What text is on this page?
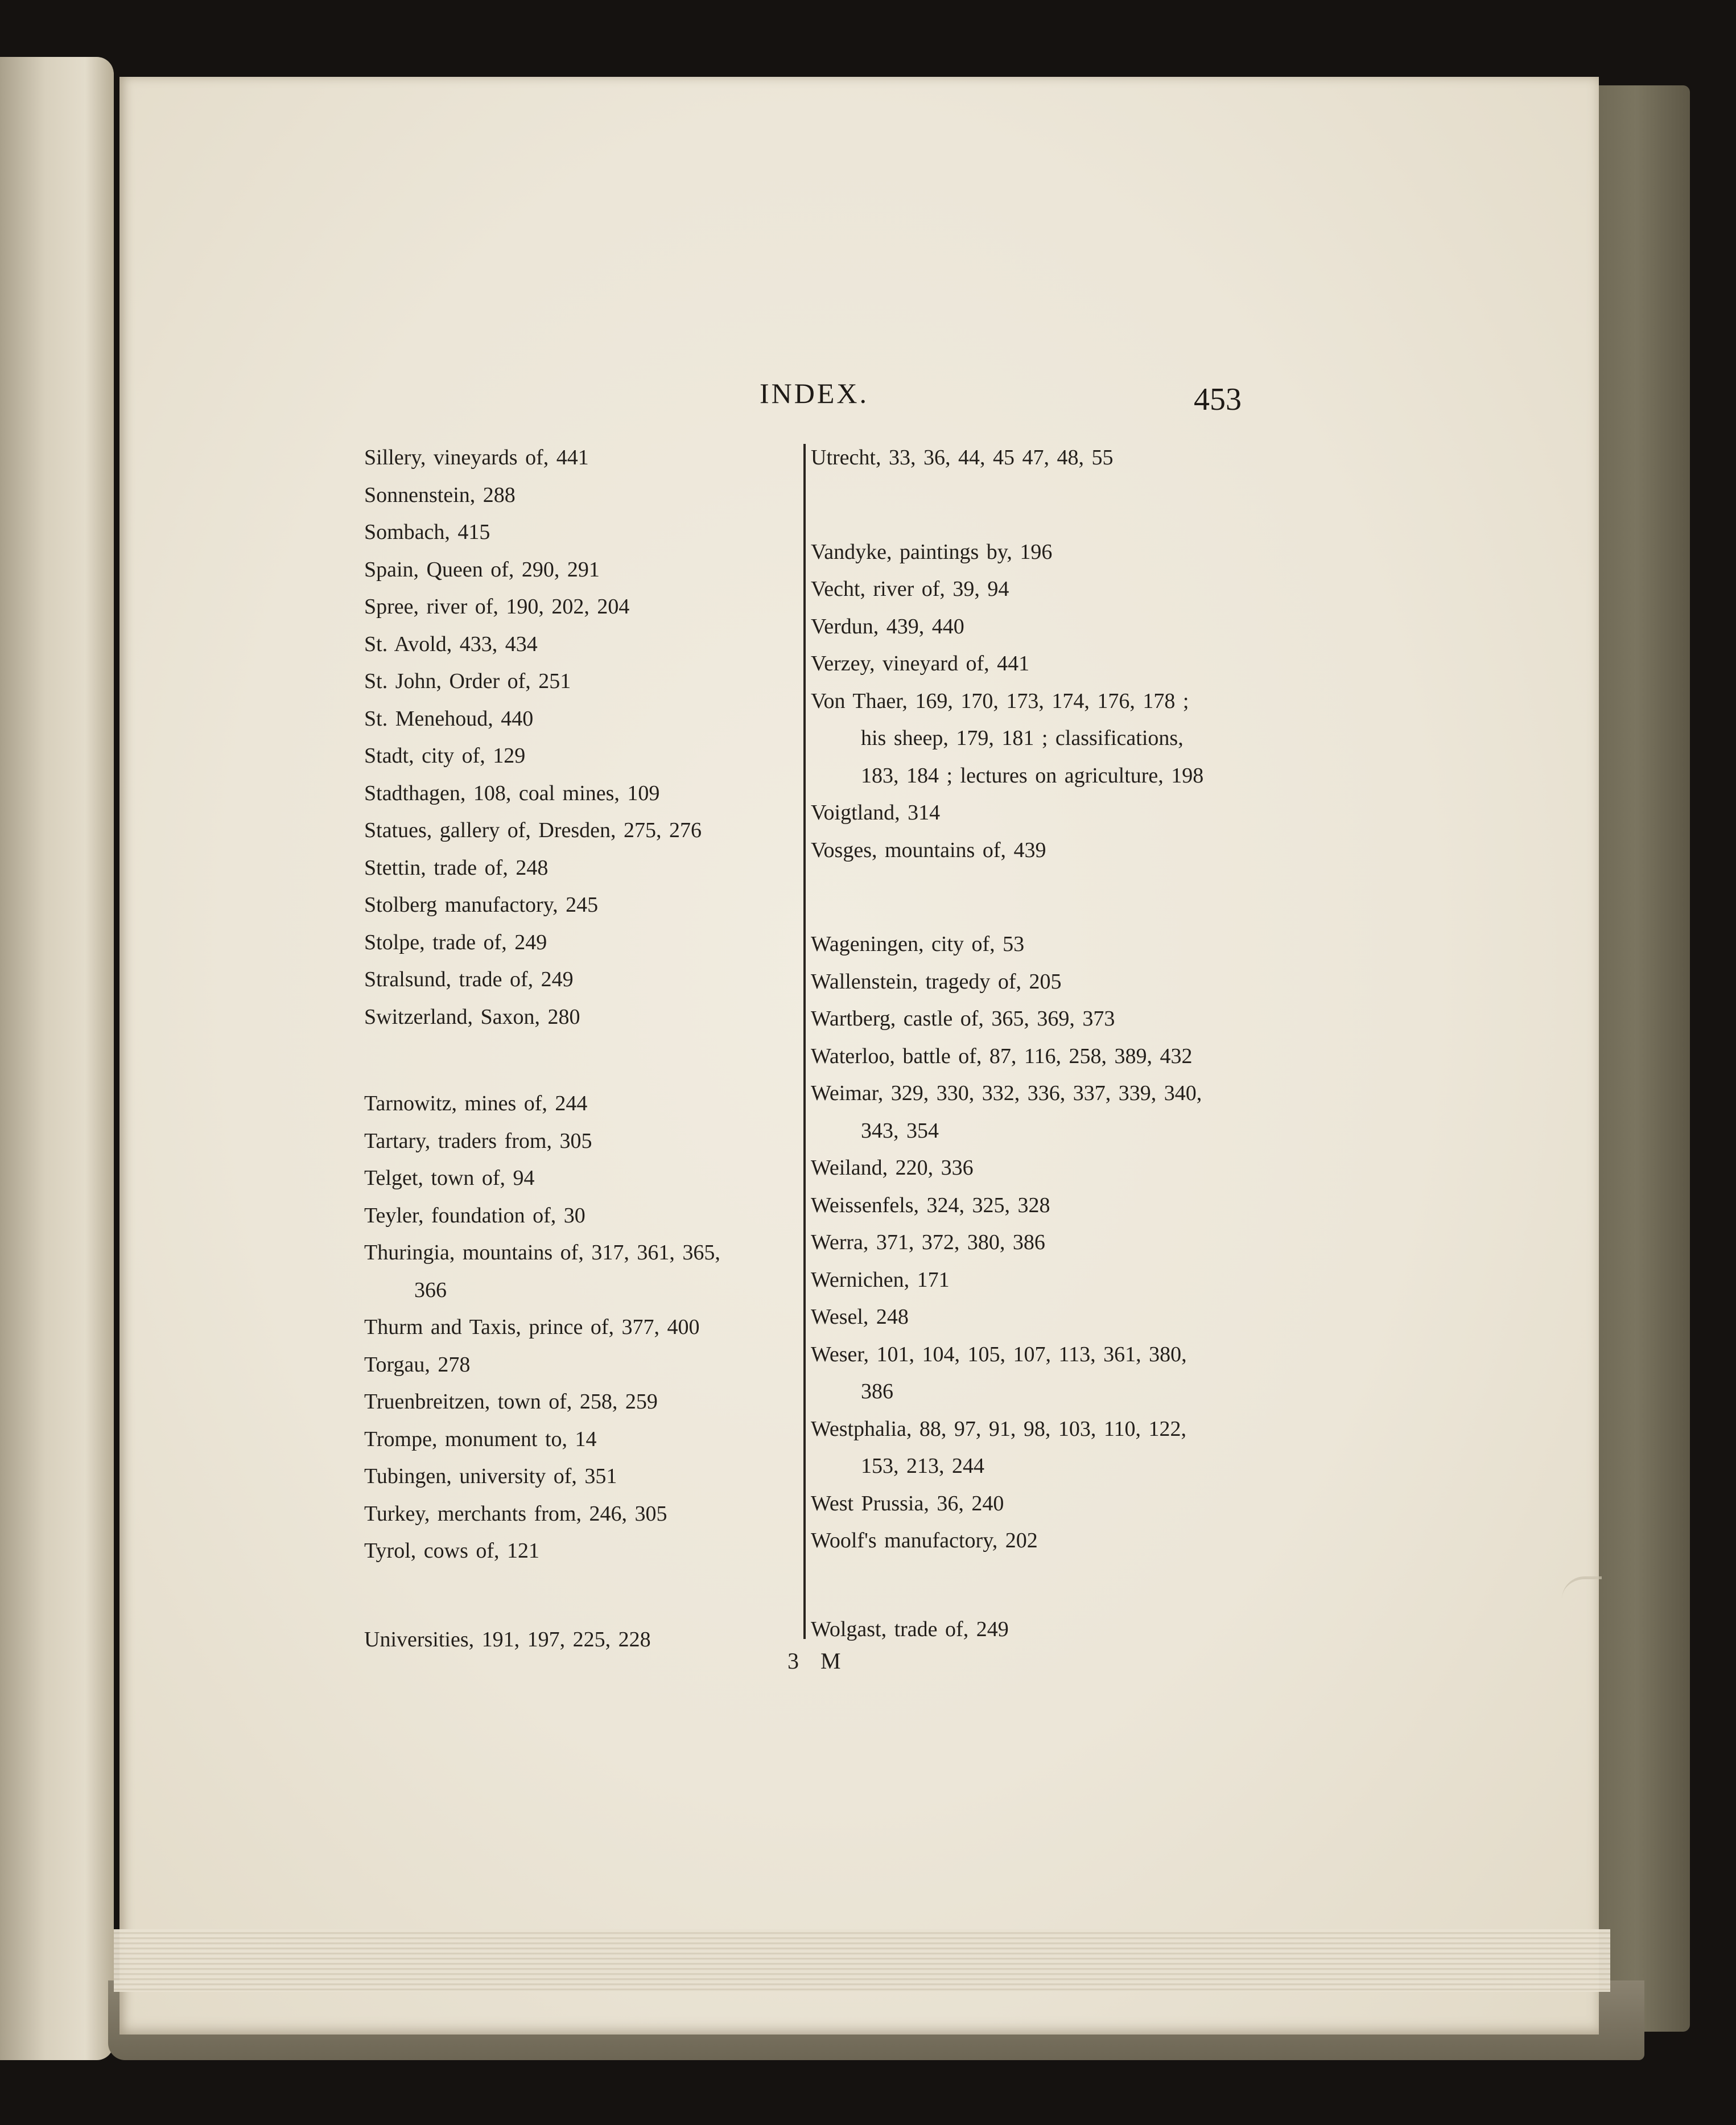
INDEX.	453
Sillery, vineyards of, 441
Sonnenstein, 288
Sombach, 415
Spain, Queen of, 290, 291
Spree, river of, 190, 202, 204
St. Avold, 433, 434
St. John, Order of, 251
St. Menehoud, 440
Stadt, city of, 129
Stadthagen, 108, coal mines, 109
Statues, gallery of, Dresden, 275, 276
Stettin, trade of, 248
Stolberg manufactory, 245
Stolpe, trade of, 249
Stralsund, trade of, 249
Switzerland, Saxon, 280
Tarnowitz, mines of, 244
Tartary, traders from, 305
Telget, town of, 94
Teyler, foundation of, 30
Thuringia, mountains of, 317, 361, 365,
366
Thurm and Taxis, prince of, 377, 400
Torgau, 278
Truenbreitzen, town of, 258, 259
Trompe, monument to, 14
Tubingen, university of, 351
Turkey, merchants from, 246, 305
Tyrol, cows of, 121
Universities, 191, 197, 225, 228
Utrecht, 33, 36, 44, 45 47, 48, 55
Vandyke, paintings by, 196
Vecht, river of, 39, 94
Verdun, 439, 440
Verzey, vineyard of, 441
Von Thaer, 169, 170, 173, 174, 176, 178 ;
his sheep, 179, 181 ; classifications,
183, 184 ; lectures on agriculture, 198
Voigtland, 314
Vosges, mountains of, 439
Wageningen, city of, 53
Wallenstein, tragedy of, 205
Wartberg, castle of, 365, 369, 373
Waterloo, battle of, 87, 116, 258, 389, 432
Weimar, 329, 330, 332, 336, 337, 339, 340,
343, 354
Weiland, 220, 336
Weissenfels, 324, 325, 328
Werra, 371, 372, 380, 386
Wernichen, 171
Wesel, 248
Weser, 101, 104, 105, 107, 113, 361, 380,
386
Westphalia, 88, 97, 91, 98, 103, 110, 122,
153, 213, 244
West Prussia, 36, 240
Woolf's manufactory, 202
Wolgast, trade of, 249
3 M
